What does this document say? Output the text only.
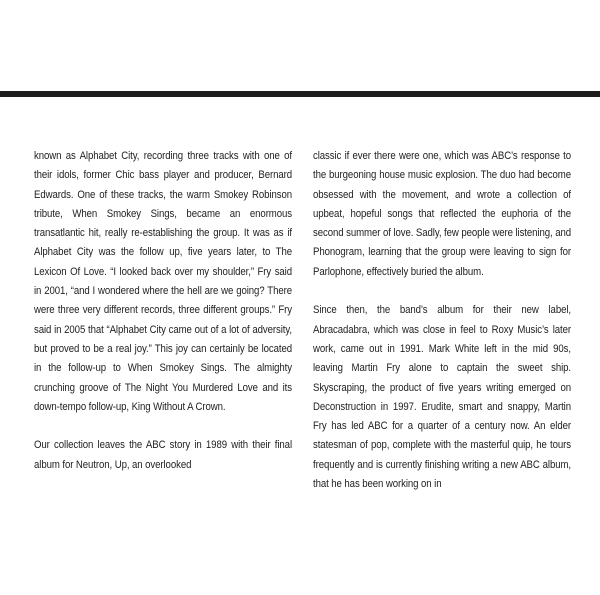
known as Alphabet City, recording three tracks with one of their idols, former Chic bass player and producer, Bernard Edwards. One of these tracks, the warm Smokey Robinson tribute, When Smokey Sings, became an enormous transatlantic hit, really re-establishing the group. It was as if Alphabet City was the follow up, five years later, to The Lexicon Of Love. “I looked back over my shoulder,” Fry said in 2001, “and I wondered where the hell are we going? There were three very different records, three different groups.” Fry said in 2005 that “Alphabet City came out of a lot of adversity, but proved to be a real joy.” This joy can certainly be located in the follow-up to When Smokey Sings. The almighty crunching groove of The Night You Murdered Love and its down-tempo follow-up, King Without A Crown.

Our collection leaves the ABC story in 1989 with their final album for Neutron, Up, an overlooked

classic if ever there were one, which was ABC’s response to the burgeoning house music explosion. The duo had become obsessed with the movement, and wrote a collection of upbeat, hopeful songs that reflected the euphoria of the second summer of love. Sadly, few people were listening, and Phonogram, learning that the group were leaving to sign for Parlophone, effectively buried the album.

Since then, the band’s album for their new label, Abracadabra, which was close in feel to Roxy Music’s later work, came out in 1991. Mark White left in the mid 90s, leaving Martin Fry alone to captain the sweet ship. Skyscraping, the product of five years writing emerged on Deconstruction in 1997. Erudite, smart and snappy, Martin Fry has led ABC for a quarter of a century now. An elder statesman of pop, complete with the masterful quip, he tours frequently and is currently finishing writing a new ABC album, that he has been working on in
